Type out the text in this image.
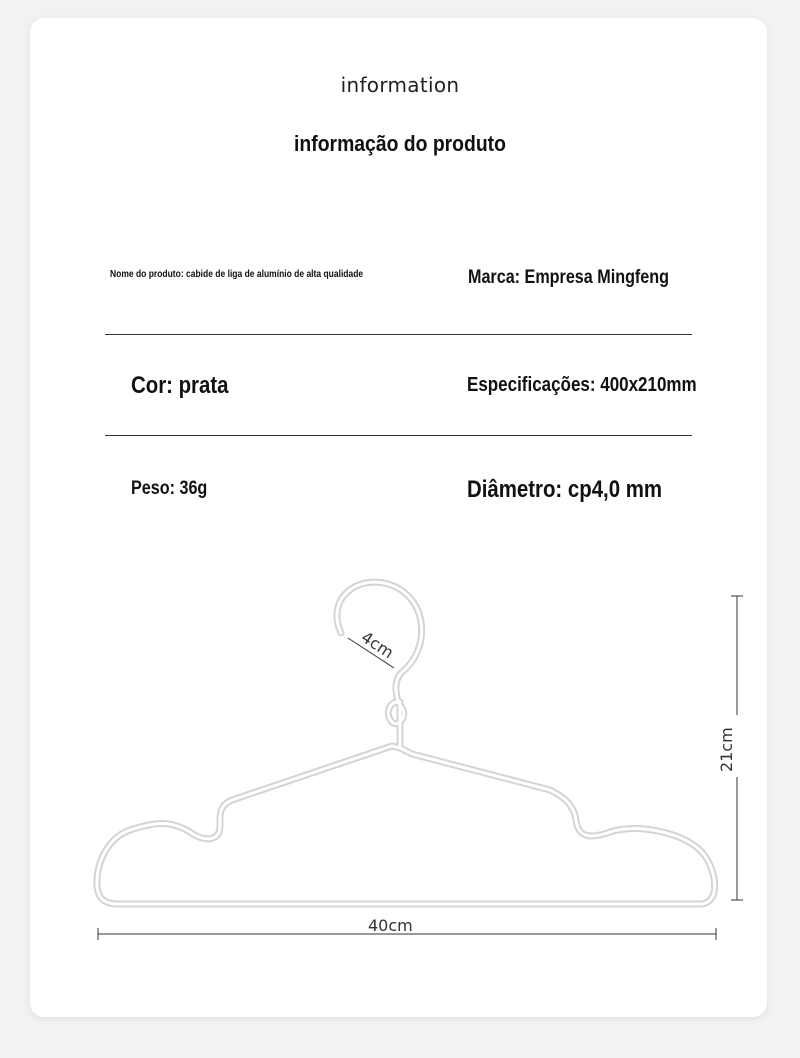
information
informação do produto
Nome do produto: cabide de liga de alumínio de alta qualidade	Marca: Empresa Mingfeng
Cor: prata	Especificações: 400x210mm
Peso: 36g	Diâmetro: cp4,0 mm
4cm
21cm
40cm
